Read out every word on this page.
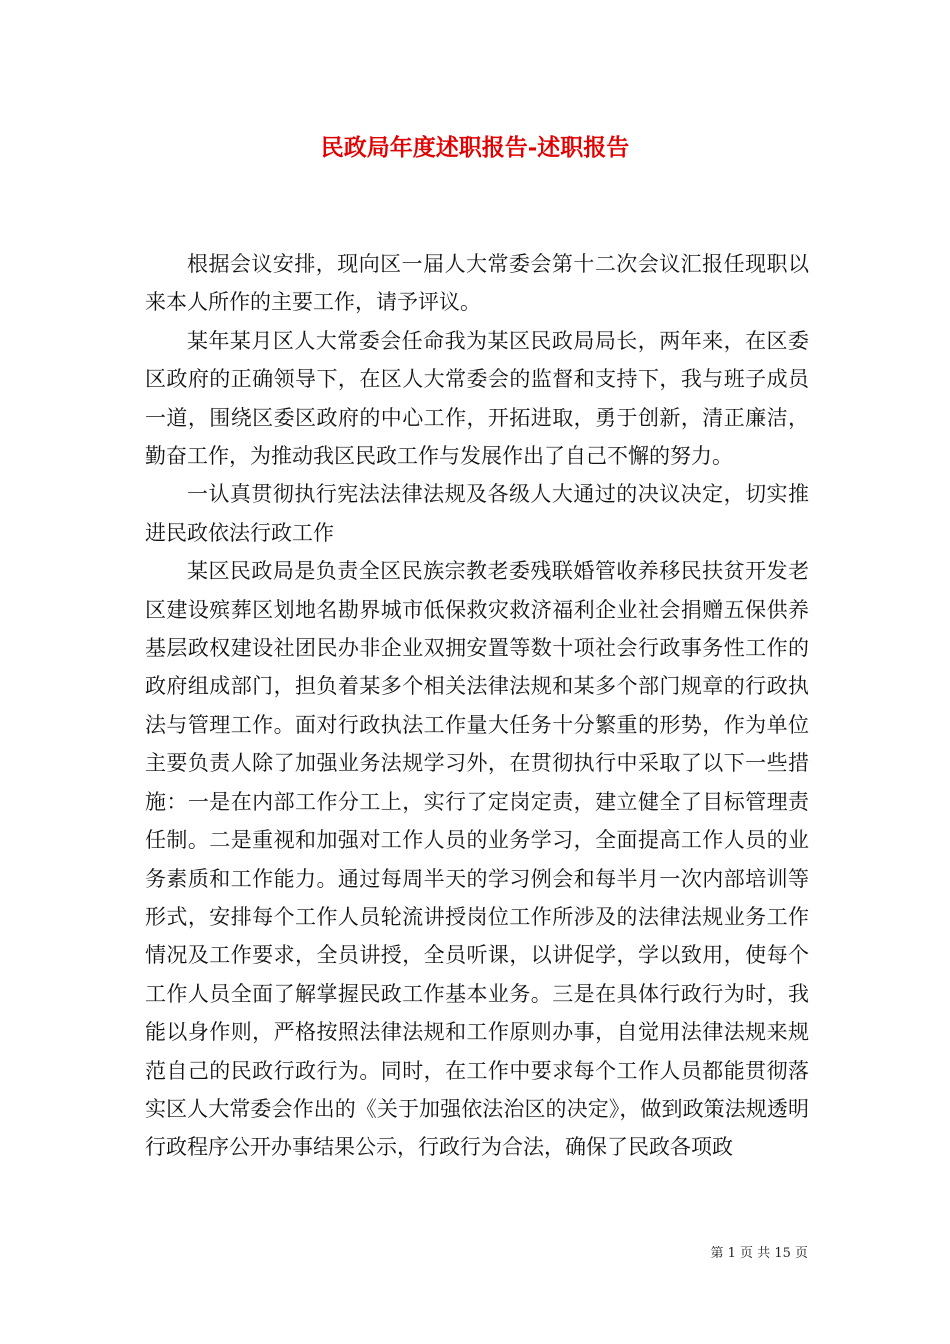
民政局年度述职报告-述职报告

根据会议安排，现向区一届人大常委会第十二次会议汇报任现职以来本人所作的主要工作，请予评议。

某年某月区人大常委会任命我为某区民政局局长，两年来，在区委区政府的正确领导下，在区人大常委会的监督和支持下，我与班子成员一道，围绕区委区政府的中心工作，开拓进取，勇于创新，清正廉洁，勤奋工作，为推动我区民政工作与发展作出了自己不懈的努力。

一认真贯彻执行宪法法律法规及各级人大通过的决议决定，切实推进民政依法行政工作

某区民政局是负责全区民族宗教老委残联婚管收养移民扶贫开发老区建设殡葬区划地名勘界城市低保救灾救济福利企业社会捐赠五保供养基层政权建设社团民办非企业双拥安置等数十项社会行政事务性工作的政府组成部门，担负着某多个相关法律法规和某多个部门规章的行政执法与管理工作。面对行政执法工作量大任务十分繁重的形势，作为单位主要负责人除了加强业务法规学习外，在贯彻执行中采取了以下一些措施：一是在内部工作分工上，实行了定岗定责，建立健全了目标管理责任制。二是重视和加强对工作人员的业务学习，全面提高工作人员的业务素质和工作能力。通过每周半天的学习例会和每半月一次内部培训等形式，安排每个工作人员轮流讲授岗位工作所涉及的法律法规业务工作情况及工作要求，全员讲授，全员听课，以讲促学，学以致用，使每个工作人员全面了解掌握民政工作基本业务。三是在具体行政行为时，我能以身作则，严格按照法律法规和工作原则办事，自觉用法律法规来规范自己的民政行政行为。同时，在工作中要求每个工作人员都能贯彻落实区人大常委会作出的《关于加强依法治区的决定》，做到政策法规透明行政程序公开办事结果公示，行政行为合法，确保了民政各项政

第 1 页 共 15 页
